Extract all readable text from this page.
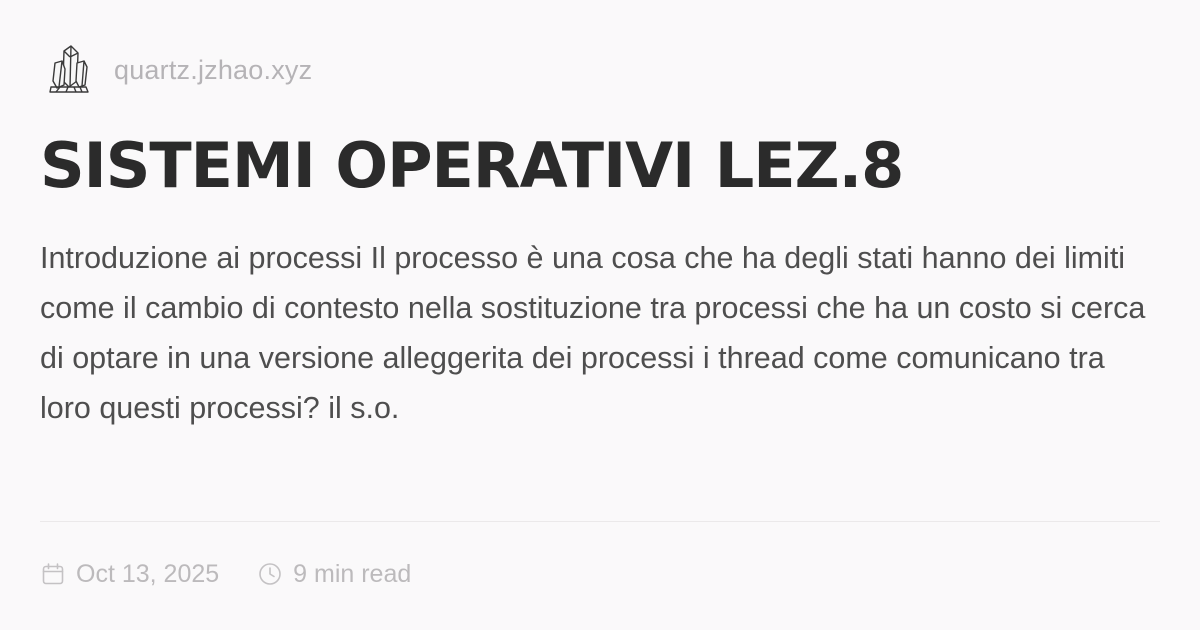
quartz.jzhao.xyz
SISTEMI OPERATIVI LEZ.8

Introduzione ai processi Il processo è una cosa che ha degli stati hanno dei limiti come il cambio di contesto nella sostituzione tra processi che ha un costo si cerca di optare in una versione alleggerita dei processi i thread come comunicano tra loro questi processi? il s.o.

Oct 13, 2025	9 min read
